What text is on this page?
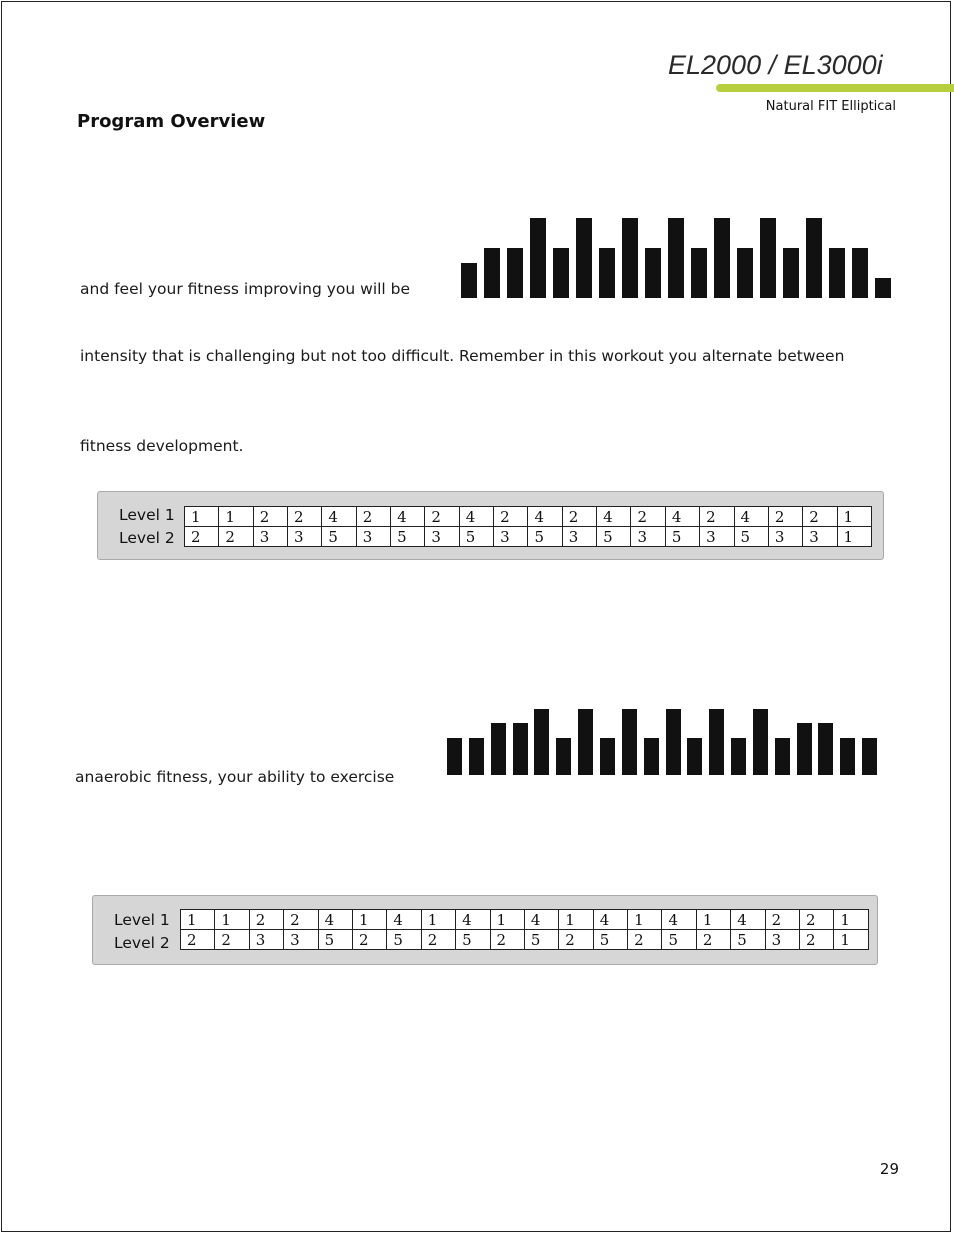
EL2000 / EL3000i
Natural FIT Elliptical
Program Overview
and feel your fitness improving you will be
intensity that is challenging but not too difficult. Remember in this workout you alternate between
fitness development.
Level 1
Level 2
1	1	2	2	4	2	4	2	4	2	4	2	4	2	4	2	4	2	2	1
2	2	3	3	5	3	5	3	5	3	5	3	5	3	5	3	5	3	3	1
anaerobic fitness, your ability to exercise
Level 1
Level 2
1	1	2	2	4	1	4	1	4	1	4	1	4	1	4	1	4	2	2	1
2	2	3	3	5	2	5	2	5	2	5	2	5	2	5	2	5	3	2	1
29
